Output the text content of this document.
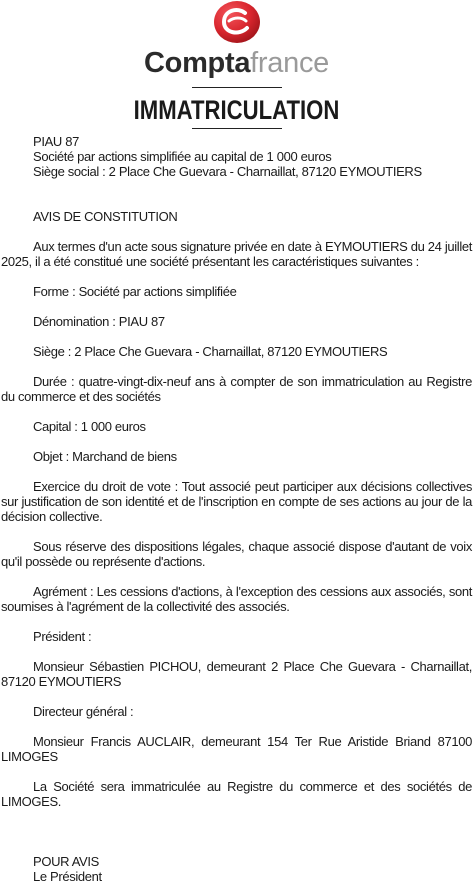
Comptafrance
IMMATRICULATION

PIAU 87

Société par actions simplifiée au capital de 1 000 euros

Siège social : 2 Place Che Guevara - Charnaillat, 87120 EYMOUTIERS

AVIS DE CONSTITUTION

Aux termes d'un acte sous signature privée en date à EYMOUTIERS du 24 juillet 2025, il a été constitué une société présentant les caractéristiques suivantes :

Forme : Société par actions simplifiée

Dénomination : PIAU 87

Siège : 2 Place Che Guevara - Charnaillat, 87120 EYMOUTIERS

Durée : quatre-vingt-dix-neuf ans à compter de son immatriculation au Registre du commerce et des sociétés

Capital : 1 000 euros

Objet : Marchand de biens

Exercice du droit de vote : Tout associé peut participer aux décisions collectives sur justification de son identité et de l'inscription en compte de ses actions au jour de la décision collective.

Sous réserve des dispositions légales, chaque associé dispose d'autant de voix qu'il possède ou représente d'actions.

Agrément : Les cessions d'actions, à l'exception des cessions aux associés, sont soumises à l'agrément de la collectivité des associés.

Président :

Monsieur Sébastien PICHOU, demeurant 2 Place Che Guevara - Charnaillat, 87120 EYMOUTIERS

Directeur général :

Monsieur Francis AUCLAIR, demeurant 154 Ter Rue Aristide Briand 87100 LIMOGES

La Société sera immatriculée au Registre du commerce et des sociétés de LIMOGES.

POUR AVIS

Le Président
